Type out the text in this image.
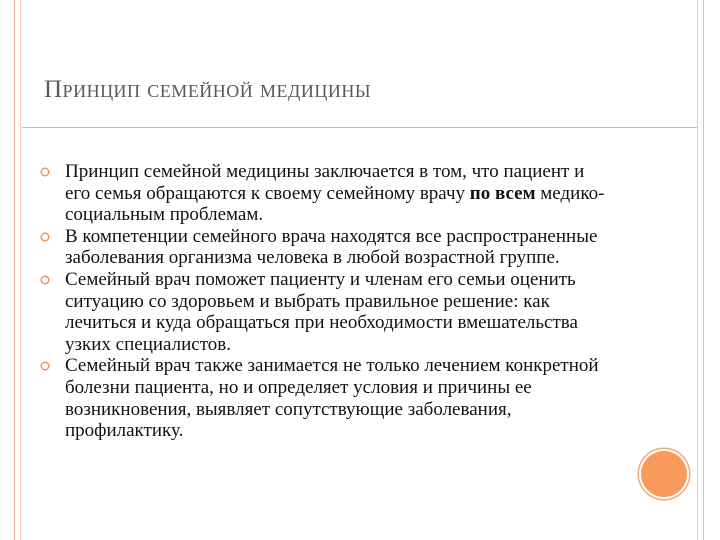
Принцип семейной медицины
Принцип семейной медицины заключается в том, что пациент и его семья обращаются к своему семейному врачу по всем медико-социальным проблемам.
В компетенции семейного врача находятся все распространенные заболевания организма человека в любой возрастной группе.
Семейный врач поможет пациенту и членам его семьи оценить ситуацию со здоровьем и выбрать правильное решение: как лечиться и куда обращаться при необходимости вмешательства узких специалистов.
Семейный врач также занимается не только лечением конкретной болезни пациента, но и определяет условия и причины ее возникновения, выявляет сопутствующие заболевания, профилактику.
